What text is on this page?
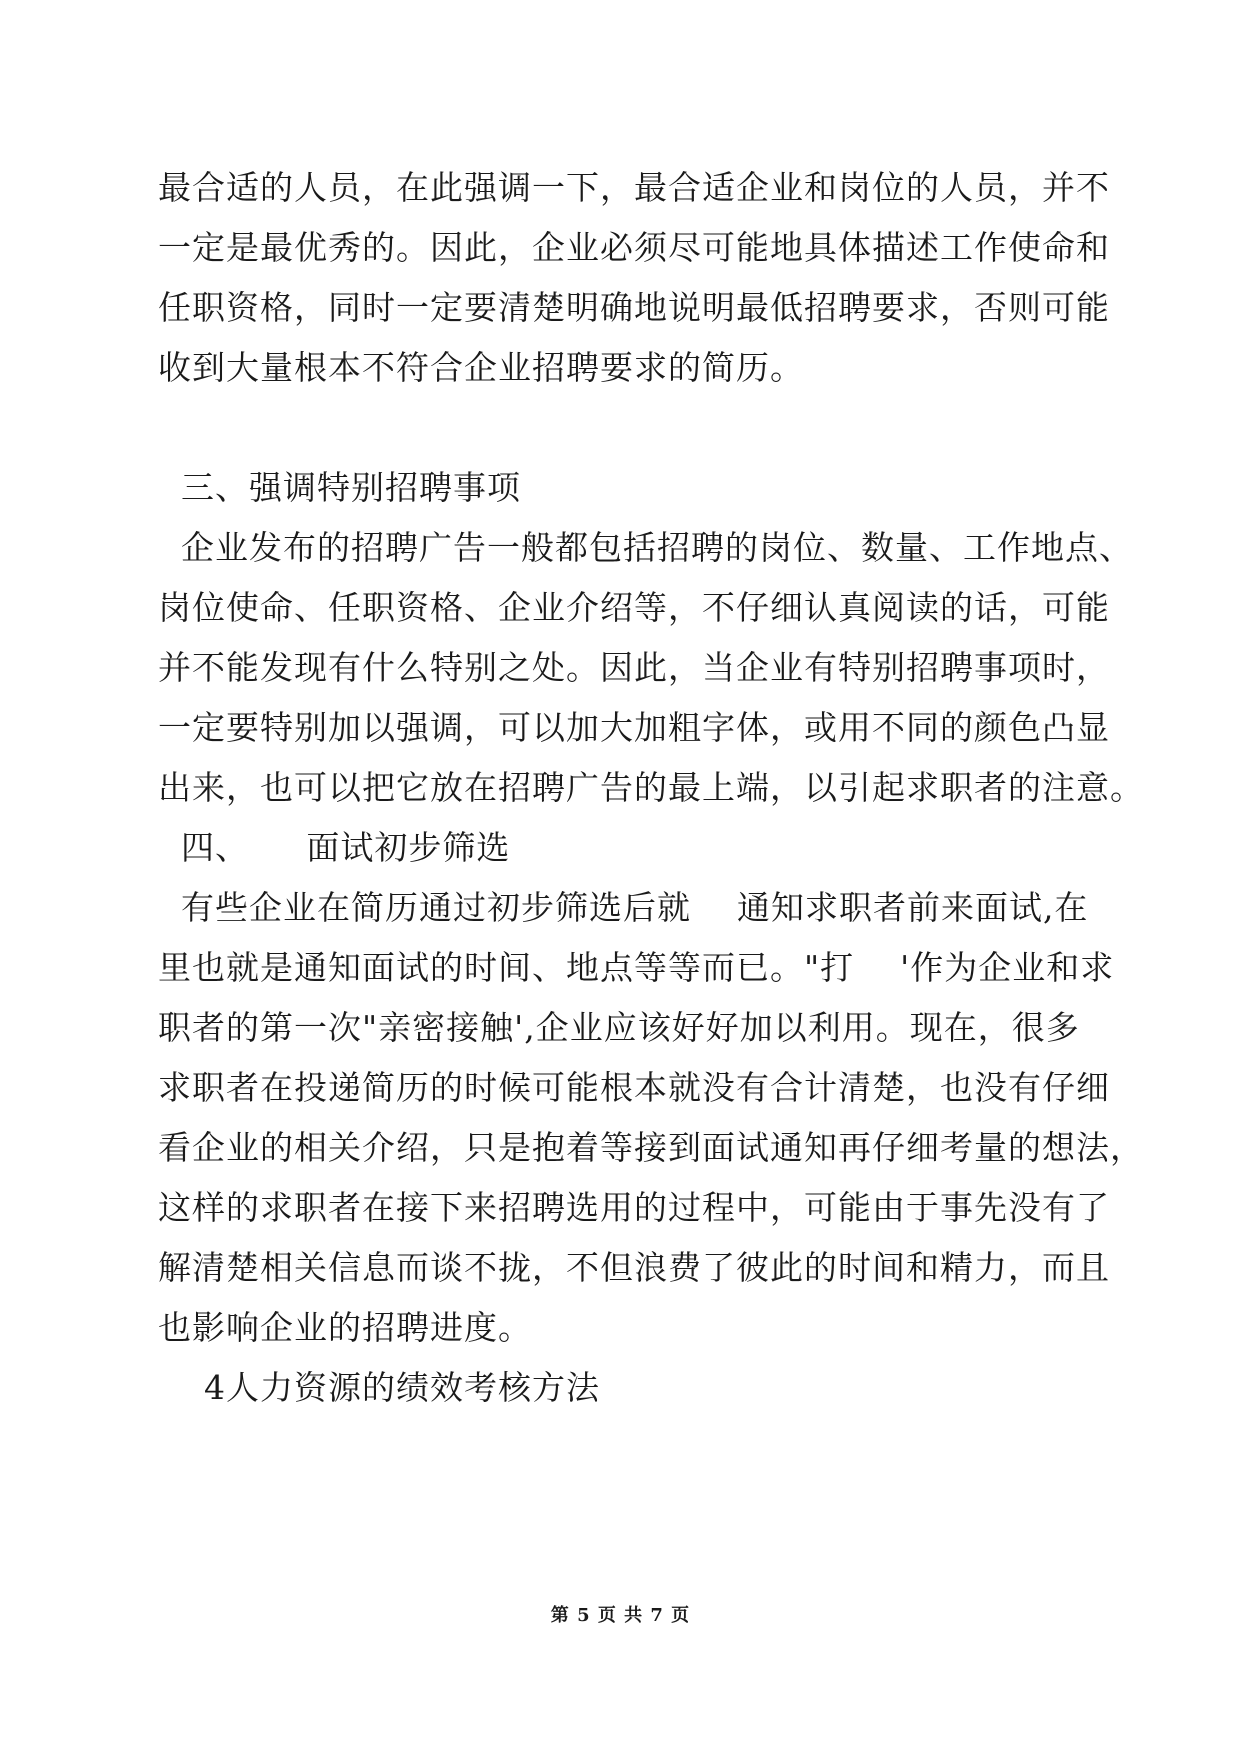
最合适的人员，在此强调一下，最合适企业和岗位的人员，并不
一定是最优秀的。因此，企业必须尽可能地具体描述工作使命和
任职资格，同时一定要清楚明确地说明最低招聘要求，否则可能
收到大量根本不符合企业招聘要求的简历。
三、强调特别招聘事项
企业发布的招聘广告一般都包括招聘的岗位、数量、工作地点、
岗位使命、任职资格、企业介绍等，不仔细认真阅读的话，可能
并不能发现有什么特别之处。因此，当企业有特别招聘事项时，
一定要特别加以强调，可以加大加粗字体，或用不同的颜色凸显
出来，也可以把它放在招聘广告的最上端，以引起求职者的注意。
四、     面试初步筛选
有些企业在简历通过初步筛选后就    通知求职者前来面试,在
里也就是通知面试的时间、地点等等而已。"打    '作为企业和求
职者的第一次"亲密接触',企业应该好好加以利用。现在，很多
求职者在投递简历的时候可能根本就没有合计清楚，也没有仔细
看企业的相关介绍，只是抱着等接到面试通知再仔细考量的想法，
这样的求职者在接下来招聘选用的过程中，可能由于事先没有了
解清楚相关信息而谈不拢，不但浪费了彼此的时间和精力，而且
也影响企业的招聘进度。
4人力资源的绩效考核方法
第 5 页 共 7 页
